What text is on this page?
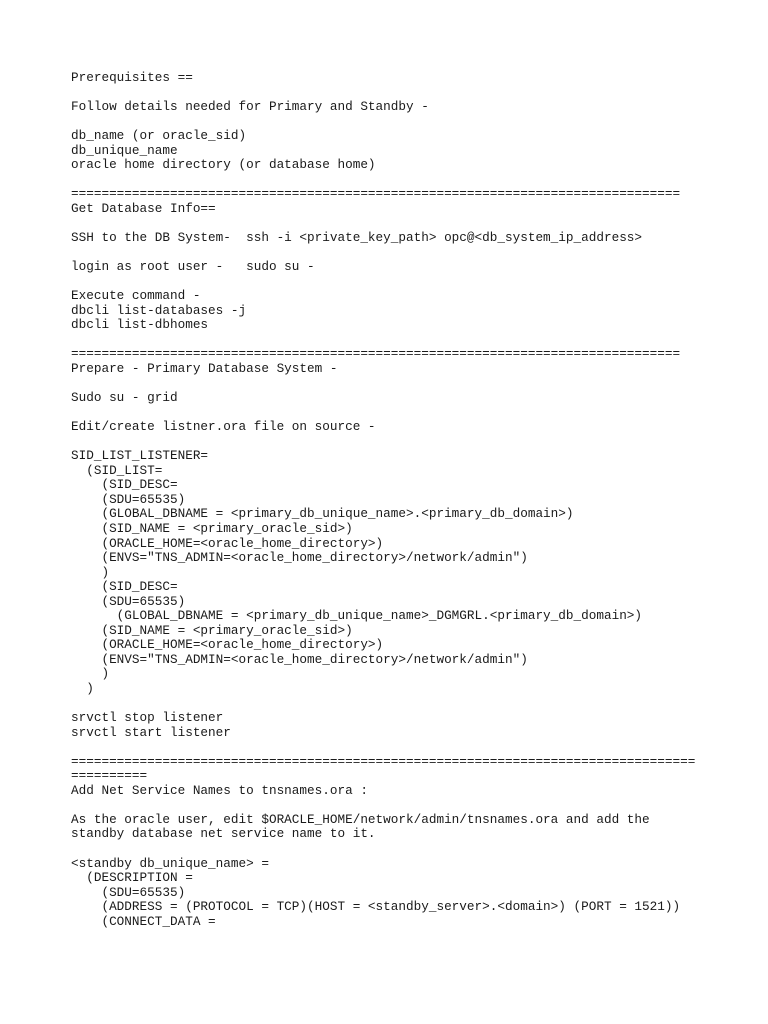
Prerequisites ==

Follow details needed for Primary and Standby -

db_name (or oracle_sid)

db_unique_name

oracle home directory (or database home)

================================================================================

Get Database Info==

SSH to the DB System-  ssh -i <private_key_path> opc@<db_system_ip_address>

login as root user -   sudo su -

Execute command -

dbcli list-databases -j

dbcli list-dbhomes

================================================================================

Prepare - Primary Database System -

Sudo su - grid

Edit/create listner.ora file on source -

SID_LIST_LISTENER=

(SID_LIST=

(SID_DESC=

(SDU=65535)

(GLOBAL_DBNAME = <primary_db_unique_name>.<primary_db_domain>)

(SID_NAME = <primary_oracle_sid>)

(ORACLE_HOME=<oracle_home_directory>)

(ENVS="TNS_ADMIN=<oracle_home_directory>/network/admin")

)

(SID_DESC=

(SDU=65535)

(GLOBAL_DBNAME = <primary_db_unique_name>_DGMGRL.<primary_db_domain>)

(SID_NAME = <primary_oracle_sid>)

(ORACLE_HOME=<oracle_home_directory>)

(ENVS="TNS_ADMIN=<oracle_home_directory>/network/admin")

)

)

srvctl stop listener

srvctl start listener

==================================================================================

==========

Add Net Service Names to tnsnames.ora :

As the oracle user, edit $ORACLE_HOME/network/admin/tnsnames.ora and add the

standby database net service name to it.

<standby db_unique_name> =

(DESCRIPTION =

(SDU=65535)

(ADDRESS = (PROTOCOL = TCP)(HOST = <standby_server>.<domain>) (PORT = 1521))

(CONNECT_DATA =
